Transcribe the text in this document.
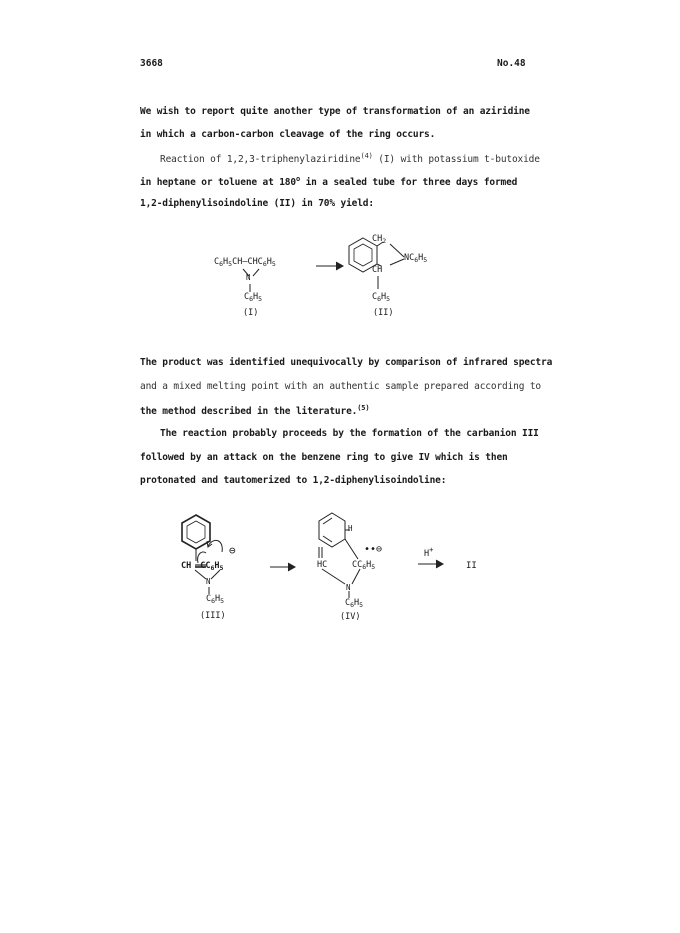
3668	No.48
We wish to report quite another type of transformation of an aziridine
in which a carbon-carbon cleavage of the ring occurs.
Reaction of 1,2,3-triphenylaziridine$^{(4)}$ (I) with potassium t-butoxide
in heptane or toluene at 180$^o$ in a sealed tube for three days formed
1,2-diphenylisoindoline (II) in 70% yield:
$C_6H_5CH—CHC_6H_5$
N
$C_6H_5$
(I)
$CH_2$
$NC_6H_5$
CH
$C_6H_5$
(II)
The product was identified unequivocally by comparison of infrared spectra
and a mixed melting point with an authentic sample prepared according to
the method described in the literature.$^{(5)}$
The reaction probably proceeds by the formation of the carbanion III
followed by an attack on the benzene ring to give IV which is then
protonated and tautomerized to 1,2-diphenylisoindoline:
CH $CC_6H_5$
⊖
N
$C_6H_5$
(III)
H
HC	$CC_6H_5$
••⊖
N
$C_6H_5$
(IV)
H+
II
